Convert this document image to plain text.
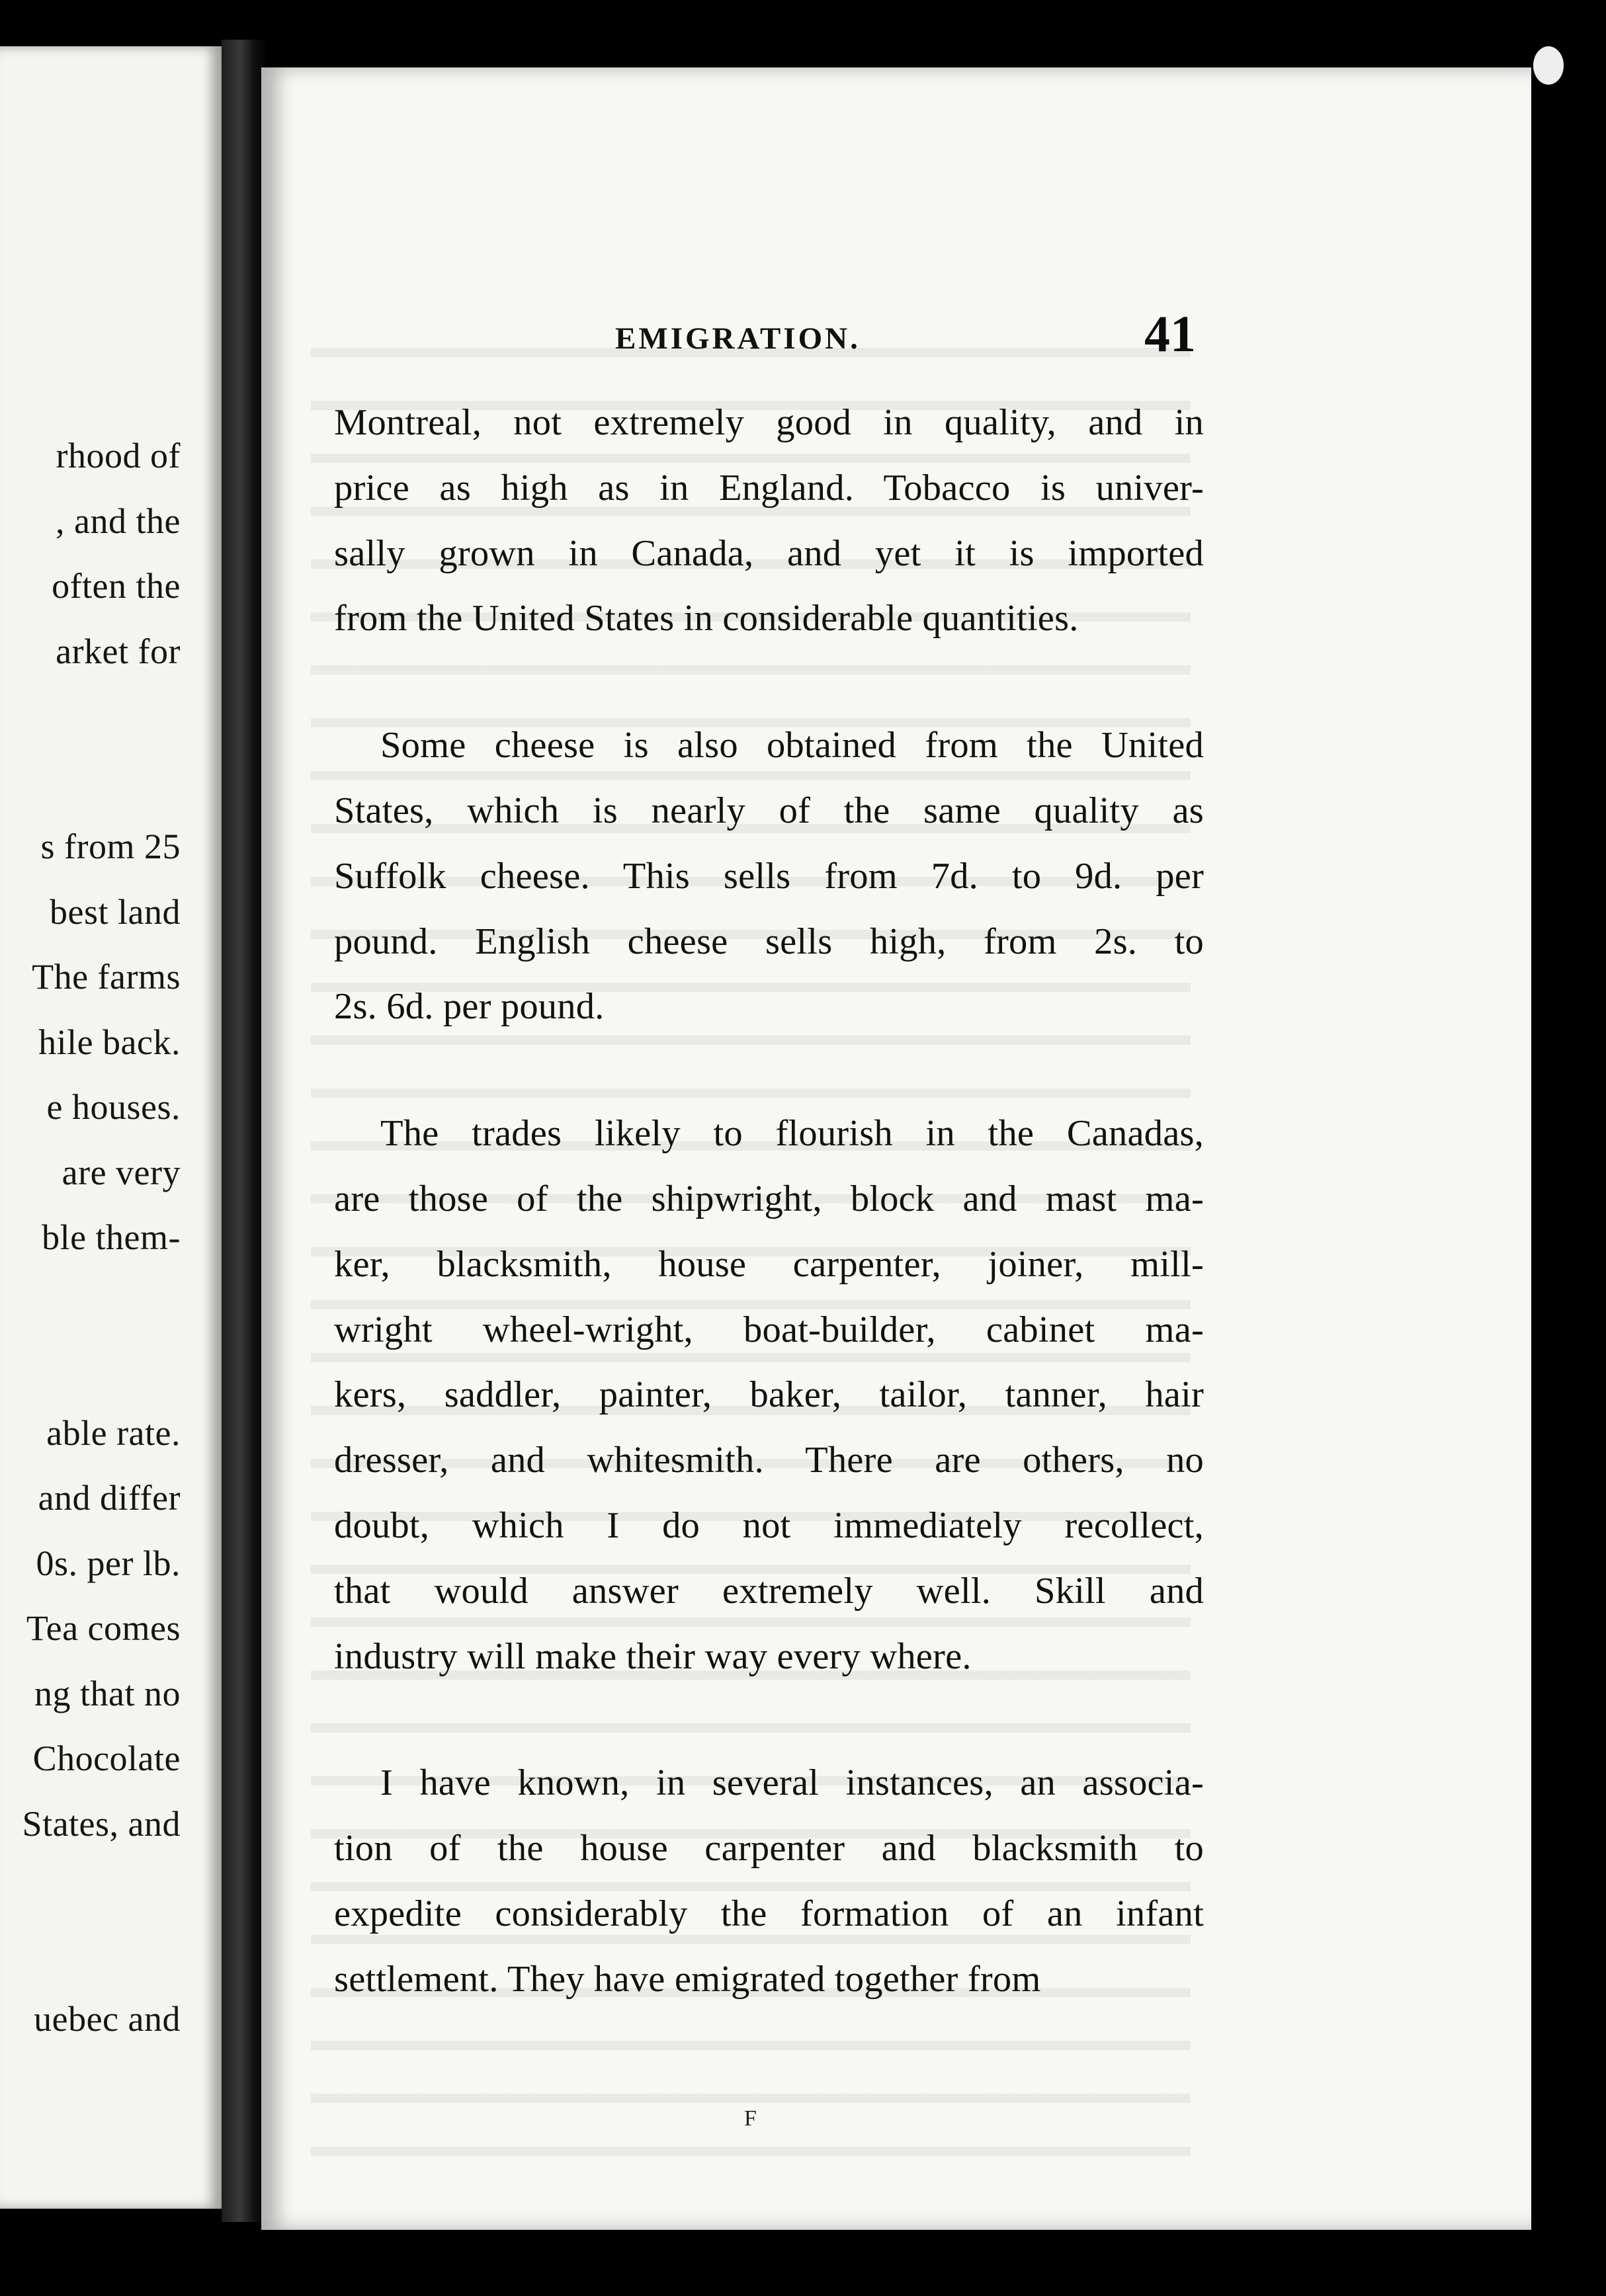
rhood of
, and the
often the
arket for

s from 25
best land
The farms
hile back.
e houses.
are very
ble them-

able rate.
and differ
0s. per lb.
Tea comes
ng that no
Chocolate
States, and

uebec and
EMIGRATION.	41
Montreal, not extremely good in quality, and in
price as high as in England. Tobacco is univer-
sally grown in Canada, and yet it is imported
from the United States in considerable quantities.
Some cheese is also obtained from the United
States, which is nearly of the same quality as
Suffolk cheese. This sells from 7d. to 9d. per
pound. English cheese sells high, from 2s. to
2s. 6d. per pound.
The trades likely to flourish in the Canadas,
are those of the shipwright, block and mast ma-
ker, blacksmith, house carpenter, joiner, mill-
wright wheel-wright, boat-builder, cabinet ma-
kers, saddler, painter, baker, tailor, tanner, hair
dresser, and whitesmith. There are others, no
doubt, which I do not immediately recollect,
that would answer extremely well. Skill and
industry will make their way every where.
I have known, in several instances, an associa-
tion of the house carpenter and blacksmith to
expedite considerably the formation of an infant
settlement. They have emigrated together from
F
